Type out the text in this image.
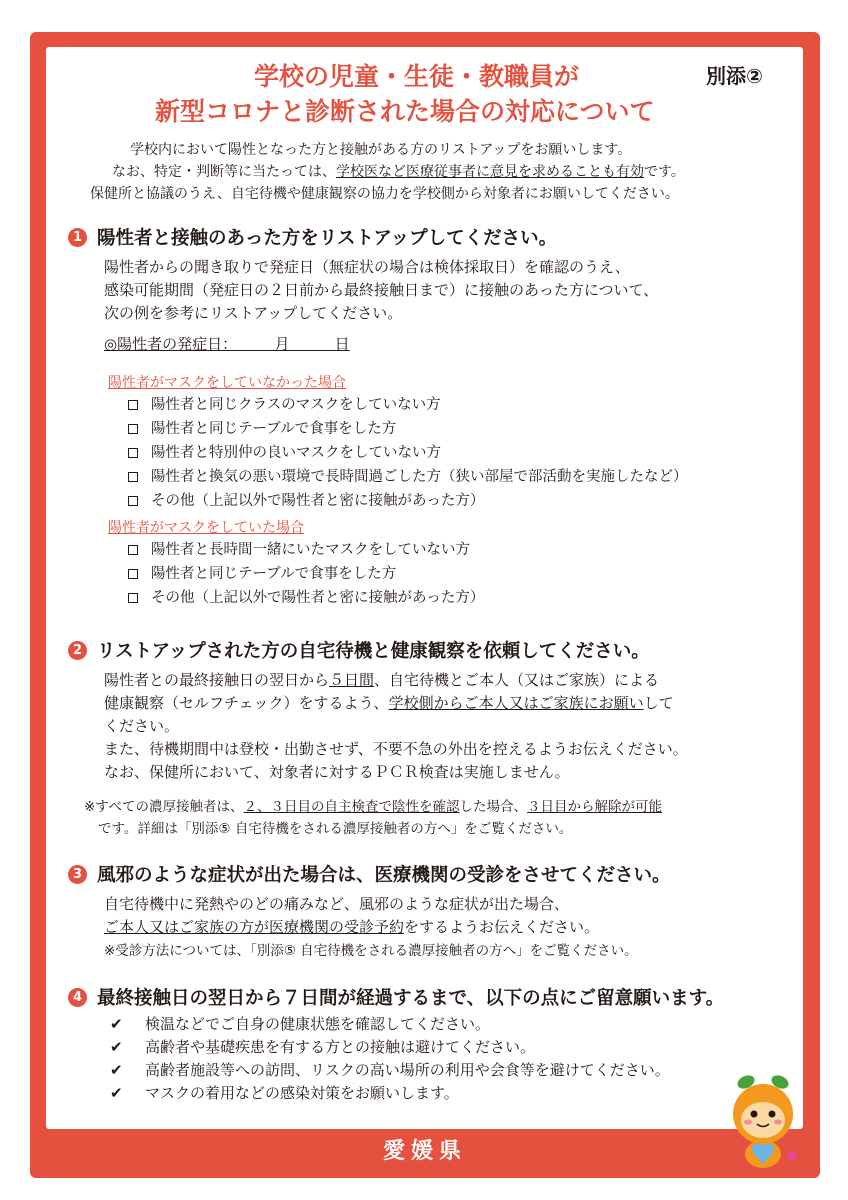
学校の児童・生徒・教職員が
新型コロナと診断された場合の対応について
別添②
学校内において陽性となった方と接触がある方のリストアップをお願いします。
なお、特定・判断等に当たっては、学校医など医療従事者に意見を求めることも有効です。
保健所と協議のうえ、自宅待機や健康観察の協力を学校側から対象者にお願いしてください。
1 陽性者と接触のあった方をリストアップしてください。
陽性者からの聞き取りで発症日（無症状の場合は検体採取日）を確認のうえ、
感染可能期間（発症日の２日前から最終接触日まで）に接触のあった方について、
次の例を参考にリストアップしてください。
◎陽性者の発症日：　　　月　　　日
陽性者がマスクをしていなかった場合
陽性者と同じクラスのマスクをしていない方
陽性者と同じテーブルで食事をした方
陽性者と特別仲の良いマスクをしていない方
陽性者と換気の悪い環境で長時間過ごした方（狭い部屋で部活動を実施したなど）
その他（上記以外で陽性者と密に接触があった方）
陽性者がマスクをしていた場合
陽性者と長時間一緒にいたマスクをしていない方
陽性者と同じテーブルで食事をした方
その他（上記以外で陽性者と密に接触があった方）
2 リストアップされた方の自宅待機と健康観察を依頼してください。
陽性者との最終接触日の翌日から５日間、自宅待機とご本人（又はご家族）による
健康観察（セルフチェック）をするよう、学校側からご本人又はご家族にお願いして
ください。
また、待機期間中は登校・出勤させず、不要不急の外出を控えるようお伝えください。
なお、保健所において、対象者に対するＰＣＲ検査は実施しません。
※すべての濃厚接触者は、２、３日目の自主検査で陰性を確認した場合、３日目から解除が可能
です。詳細は「別添⑤ 自宅待機をされる濃厚接触者の方へ」をご覧ください。
3 風邪のような症状が出た場合は、医療機関の受診をさせてください。
自宅待機中に発熱やのどの痛みなど、風邪のような症状が出た場合、
ご本人又はご家族の方が医療機関の受診予約をするようお伝えください。
※受診方法については、「別添⑤ 自宅待機をされる濃厚接触者の方へ」をご覧ください。
4 最終接触日の翌日から７日間が経過するまで、以下の点にご留意願います。
✔	検温などでご自身の健康状態を確認してください。
✔	高齢者や基礎疾患を有する方との接触は避けてください。
✔	高齢者施設等への訪問、リスクの高い場所の利用や会食等を避けてください。
✔	マスクの着用などの感染対策をお願いします。
愛媛県
